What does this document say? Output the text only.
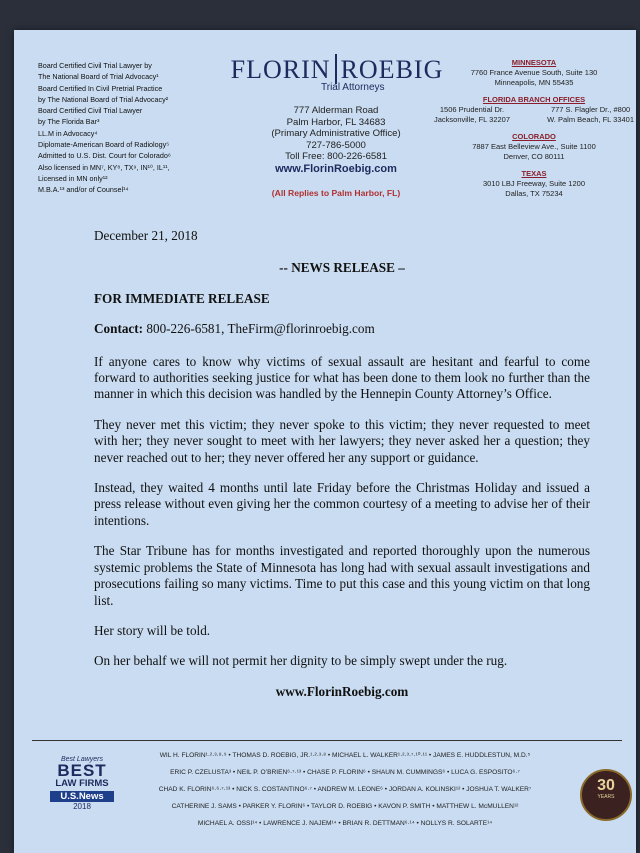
Board Certified Civil Trial Lawyer by
The National Board of Trial Advocacy¹
Board Certified In Civil Pretrial Practice
by The National Board of Trial Advocacy²
Board Certified Civil Trial Lawyer
by The Florida Bar³
LL.M in Advocacy⁴
Diplomate-American Board of Radiology⁵
Admitted to U.S. Dist. Court for Colorado⁶
Also licensed in MN⁷, KY⁸, TX⁹, IN¹⁰, IL¹¹,
Licensed in MN only¹²
M.B.A.¹³ and/or of Counsel¹⁴
FLORIN ROEBIG
Trial Attorneys
777 Alderman Road
Palm Harbor, FL 34683
(Primary Administrative Office)
727-786-5000
Toll Free: 800-226-6581
www.FlorinRoebig.com
(All Replies to Palm Harbor, FL)
MINNESOTA
7760 France Avenue South, Suite 130
Minneapolis, MN 55435
FLORIDA BRANCH OFFICES
1506 Prudential Dr.
Jacksonville, FL 32207
777 S. Flagler Dr., #800
W. Palm Beach, FL 33401
COLORADO
7887 East Belleview Ave., Suite 1100
Denver, CO 80111
TEXAS
3010 LBJ Freeway, Suite 1200
Dallas, TX 75234
December 21, 2018
-- NEWS RELEASE –
FOR IMMEDIATE RELEASE
Contact: 800-226-6581, TheFirm@florinroebig.com
If anyone cares to know why victims of sexual assault are hesitant and fearful to come forward to authorities seeking justice for what has been done to them look no further than the manner in which this decision was handled by the Hennepin County Attorney’s Office.
They never met this victim; they never spoke to this victim; they never requested to meet with her; they never sought to meet with her lawyers; they never asked her a question; they never reached out to her; they never offered her any support or guidance.
Instead, they waited 4 months until late Friday before the Christmas Holiday and issued a press release without even giving her the common courtesy of a meeting to advise her of their intentions.
The Star Tribune has for months investigated and reported thoroughly upon the numerous systemic problems the State of Minnesota has long had with sexual assault investigations and prosecutions failing so many victims. Time to put this case and this young victim on that long list.
Her story will be told.
On her behalf we will not permit her dignity to be simply swept under the rug.
www.FlorinRoebig.com
Best Lawyers
BEST
LAW FIRMS
U.S.News
2018
WIL H. FLORIN¹·²·³·⁸·⁹ • THOMAS D. ROEBIG, JR.¹·²·³·⁸ • MICHAEL L. WALKER¹·²·³·⁷·¹⁰·¹¹ • JAMES E. HUDDLESTUN, M.D.⁵
ERIC P. CZELUSTA³ • NEIL P. O’BRIEN⁶·⁷·¹³ • CHASE P. FLORIN⁶ • SHAUN M. CUMMINGS⁶ • LUCA G. ESPOSITO⁶·⁷
CHAD K. FLORIN⁶·⁶·⁷·¹³ • NICK S. COSTANTINO⁶·⁷ • ANDREW M. LEONE⁶ • JORDAN A. KOLINSKI¹² • JOSHUA T. WALKER⁷
CATHERINE J. SAMS • PARKER Y. FLORIN⁶ • TAYLOR D. ROEBIG • KAVON P. SMITH • MATTHEW L. McMULLEN¹²
MICHAEL A. OSSI¹⁴ • LAWRENCE J. NAJEM¹⁴ • BRIAN R. DETTMAN⁶·¹⁴ • NOLLYS R. SOLARTE¹⁴
30
YEARS
